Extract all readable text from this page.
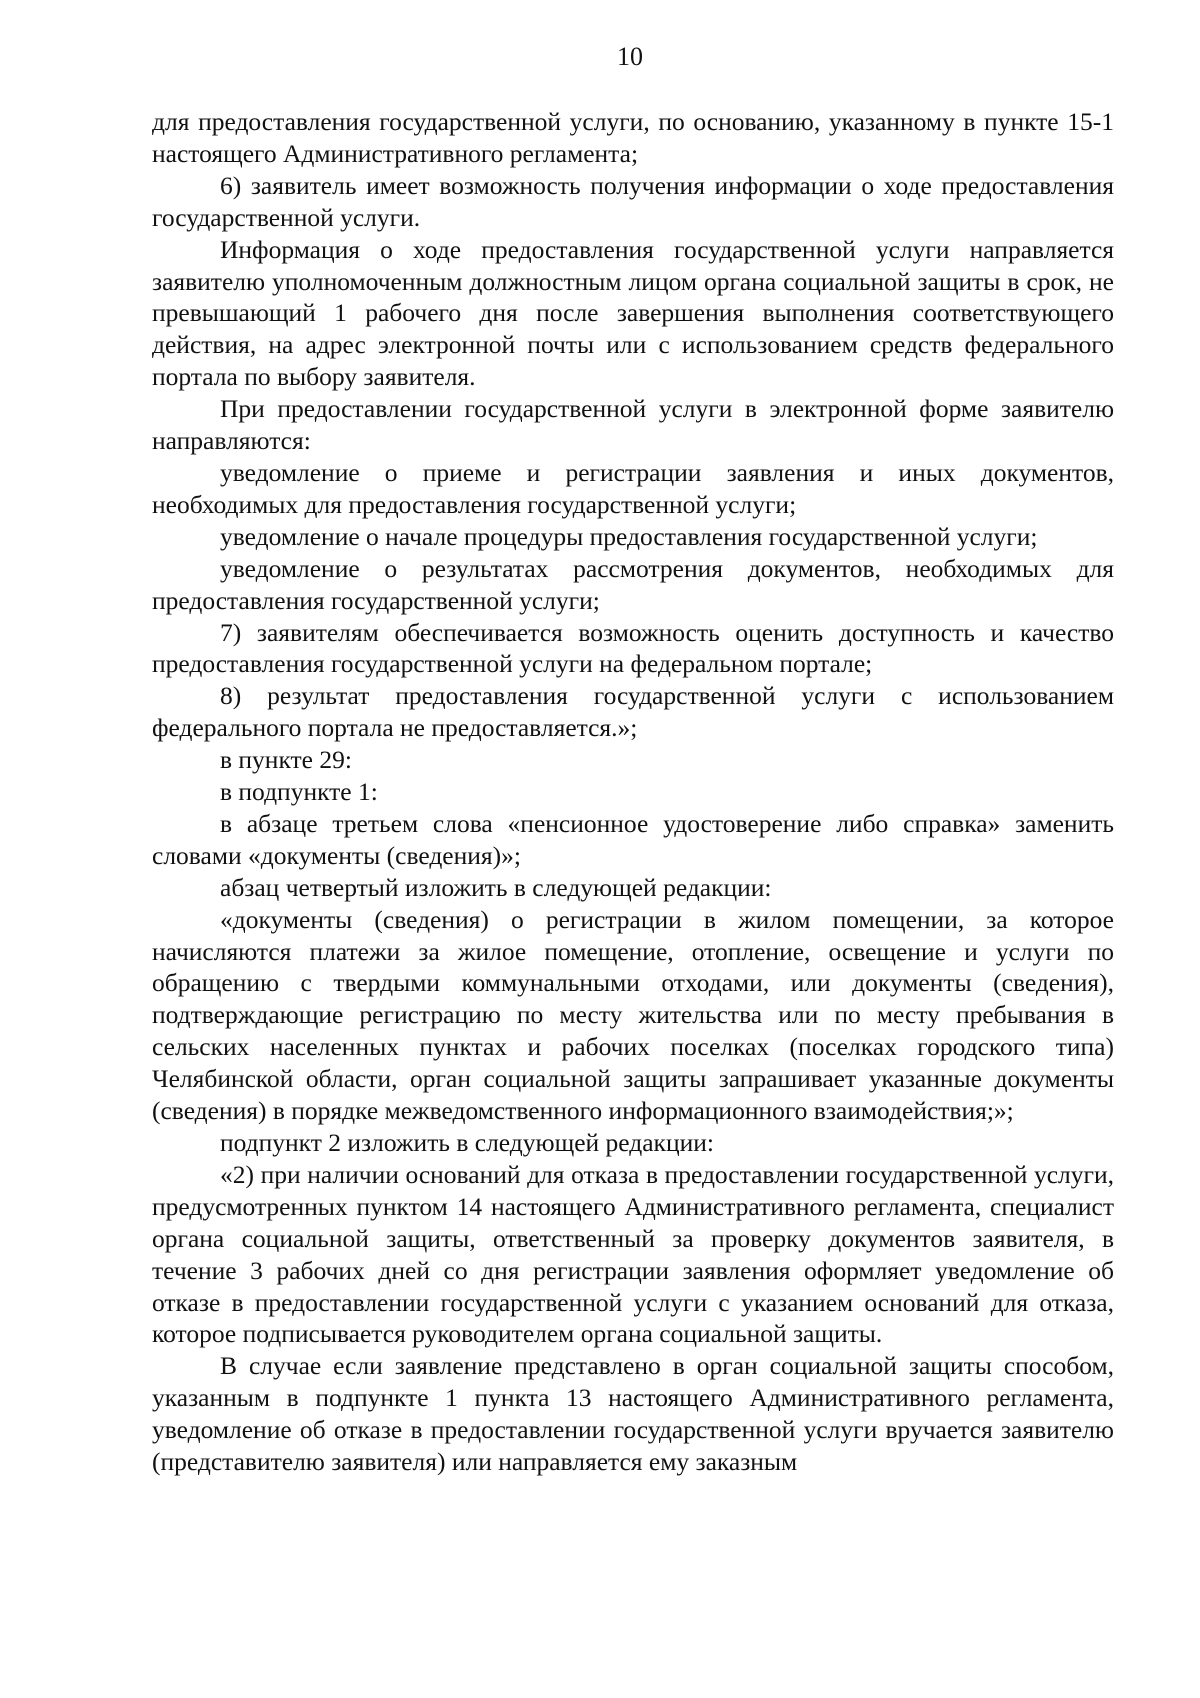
10

для предоставления государственной услуги, по основанию, указанному в пункте 15-1 настоящего Административного регламента;

6) заявитель имеет возможность получения информации о ходе предоставления государственной услуги.

Информация о ходе предоставления государственной услуги направляется заявителю уполномоченным должностным лицом органа социальной защиты в срок, не превышающий 1 рабочего дня после завершения выполнения соответствующего действия, на адрес электронной почты или с использованием средств федерального портала по выбору заявителя.

При предоставлении государственной услуги в электронной форме заявителю направляются:

уведомление о приеме и регистрации заявления и иных документов, необходимых для предоставления государственной услуги;

уведомление о начале процедуры предоставления государственной услуги;

уведомление о результатах рассмотрения документов, необходимых для предоставления государственной услуги;

7) заявителям обеспечивается возможность оценить доступность и качество предоставления государственной услуги на федеральном портале;

8) результат предоставления государственной услуги с использованием федерального портала не предоставляется.»;

в пункте 29:

в подпункте 1:

в абзаце третьем слова «пенсионное удостоверение либо справка» заменить словами «документы (сведения)»;

абзац четвертый изложить в следующей редакции:

«документы (сведения) о регистрации в жилом помещении, за которое начисляются платежи за жилое помещение, отопление, освещение и услуги по обращению с твердыми коммунальными отходами, или документы (сведения), подтверждающие регистрацию по месту жительства или по месту пребывания в сельских населенных пунктах и рабочих поселках (поселках городского типа) Челябинской области, орган социальной защиты запрашивает указанные документы (сведения) в порядке межведомственного информационного взаимодействия;»;

подпункт 2 изложить в следующей редакции:

«2) при наличии оснований для отказа в предоставлении государственной услуги, предусмотренных пунктом 14 настоящего Административного регламента, специалист органа социальной защиты, ответственный за проверку документов заявителя, в течение 3 рабочих дней со дня регистрации заявления оформляет уведомление об отказе в предоставлении государственной услуги с указанием оснований для отказа, которое подписывается руководителем органа социальной защиты.

В случае если заявление представлено в орган социальной защиты способом, указанным в подпункте 1 пункта 13 настоящего Административного регламента, уведомление об отказе в предоставлении государственной услуги вручается заявителю (представителю заявителя) или направляется ему заказным
